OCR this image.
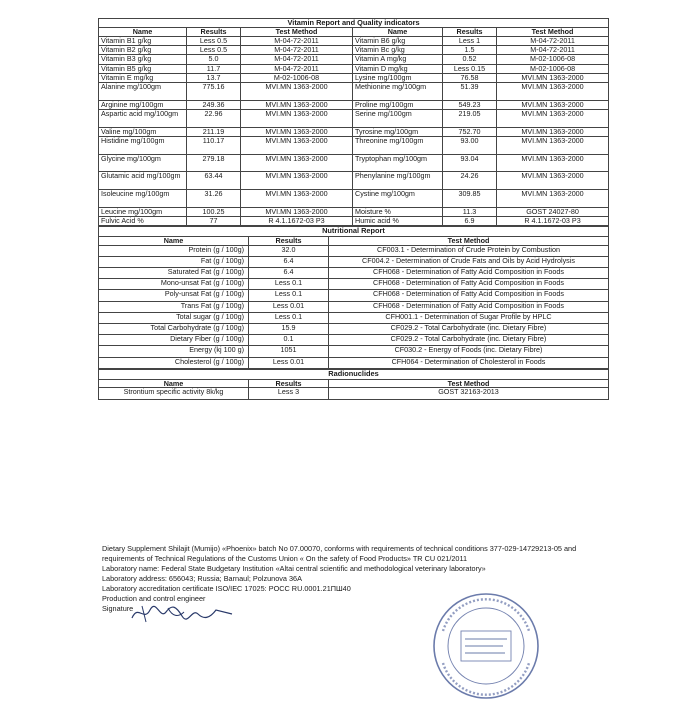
Vitamin Report and Quality indicators					
Name	Results	Test Method	Name	Results	Test Method
Vitamin B1 g/kg	Less 0.5	M-04-72-2011	Vitamin B6 g/kg	Less 1	M-04-72-2011
Vitamin B2 g/kg	Less 0.5	M-04-72-2011	Vitamin Bc g/kg	1.5	M-04-72-2011
Vitamin B3 g/kg	5.0	M-04-72-2011	Vitamin A mg/kg	0.52	M-02-1006-08
Vitamin B5 g/kg	11.7	M-04-72-2011	Vitamin D mg/kg	Less 0.15	M-02-1006-08
Vitamin E mg/kg	13.7	M-02-1006-08	Lysine mg/100gm	76.58	MVI.MN 1363-2000
Alanine mg/100gm	775.16	MVI.MN 1363-2000	Methionine mg/100gm	51.39	MVI.MN 1363-2000
Arginine mg/100gm	249.36	MVI.MN 1363-2000	Proline mg/100gm	549.23	MVI.MN 1363-2000
Aspartic acid mg/100gm	22.96	MVI.MN 1363-2000	Serine mg/100gm	219.05	MVI.MN 1363-2000
Valine mg/100gm	211.19	MVI.MN 1363-2000	Tyrosine mg/100gm	752.70	MVI.MN 1363-2000
Histidine mg/100gm	110.17	MVI.MN 1363-2000	Threonine mg/100gm	93.00	MVI.MN 1363-2000
Glycine mg/100gm	279.18	MVI.MN 1363-2000	Tryptophan mg/100gm	93.04	MVI.MN 1363-2000
Glutamic acid mg/100gm	63.44	MVI.MN 1363-2000	Phenylanine mg/100gm	24.26	MVI.MN 1363-2000
Isoleucine mg/100gm	31.26	MVI.MN 1363-2000	Cystine mg/100gm	309.85	MVI.MN 1363-2000
Leucine mg/100gm	100.25	MVI.MN 1363-2000	Moisture %	11.3	GOST 24027-80
Fulvic Acid %	77	R 4.1.1672-03 P3	Humic acid %	6.9	R 4.1.1672-03 P3
Nutritional Report		
Name	Results	Test Method
Protein (g / 100g)	32.0	CF003.1 - Determination of Crude Protein by Combustion
Fat (g / 100g)	6.4	CF004.2 - Determination of Crude Fats and Oils by Acid Hydrolysis
Saturated Fat (g / 100g)	6.4	CFH068 - Determination of Fatty Acid Composition in Foods
Mono-unsat Fat (g / 100g)	Less 0.1	CFH068 - Determination of Fatty Acid Composition in Foods
Poly-unsat Fat (g / 100g)	Less 0.1	CFH068 - Determination of Fatty Acid Composition in Foods
Trans Fat (g / 100g)	Less 0.01	CFH068 - Determination of Fatty Acid Composition in Foods
Total sugar (g / 100g)	Less 0.1	CFH001.1 - Determination of Sugar Profile by HPLC
Total Carbohydrate (g / 100g)	15.9	CF029.2 - Total Carbohydrate (inc. Dietary Fibre)
Dietary Fiber (g / 100g)	0.1	CF029.2 - Total Carbohydrate (inc. Dietary Fibre)
Energy (kj 100 g)	1051	CF030.2 - Energy of Foods (inc. Dietary Fibre)
Cholesterol (g / 100g)	Less 0.01	CFH064 - Determination of Cholesterol in Foods
Radionuclides		
Name	Results	Test Method
Strontium specific activity 8k/kg	Less 3	GOST 32163-2013
Dietary Supplement Shilajit (Mumijo) «Phoenix» batch No 07.00070, conforms with requirements of technical conditions 377-029-14729213-05 and requirements of Technical Regulations of the Customs Union « On the safety of Food Products» TR CU 021/2011
Laboratory name: Federal State Budgetary Institution «Altai central scientific and methodological veterinary laboratory»
Laboratory address: 656043; Russia; Barnaul; Polzunova 36A
Laboratory accreditation certificate ISO/IEC 17025: POCC RU.0001.21ПШ40
Production and control engineer
Signature
